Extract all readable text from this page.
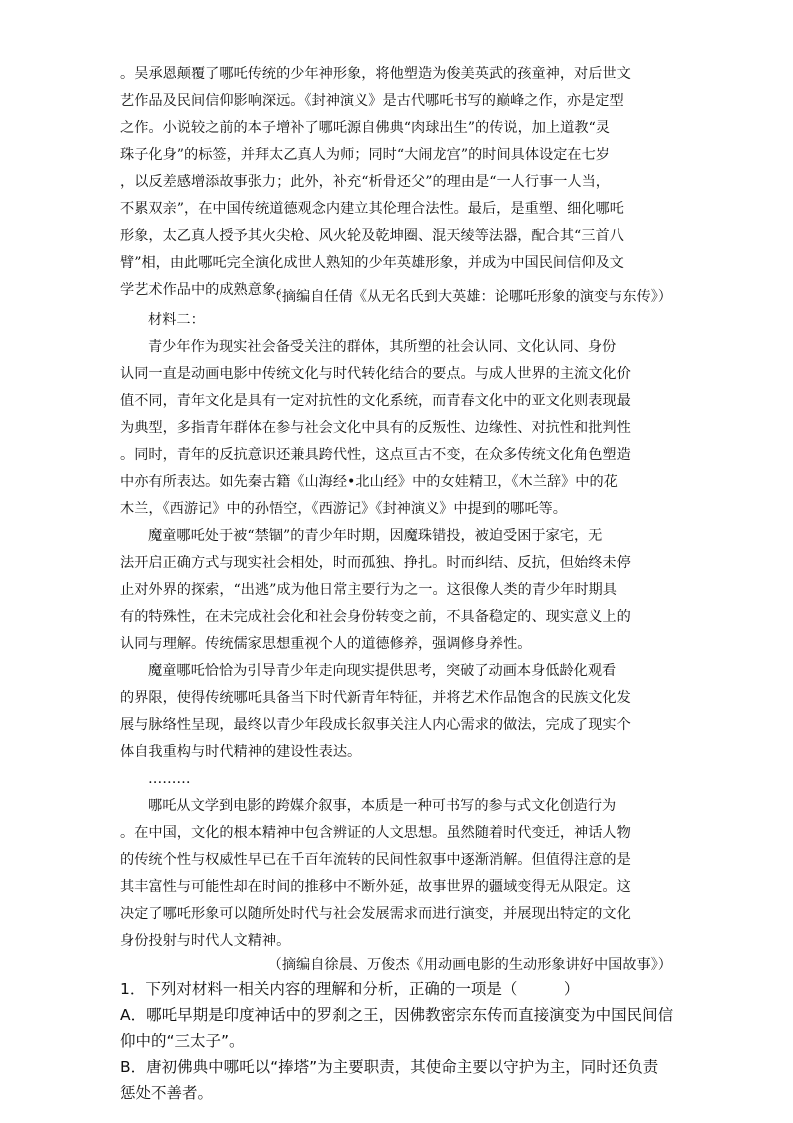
。吴承恩颠覆了哪吒传统的少年神形象，将他塑造为俊美英武的孩童神，对后世文
艺作品及民间信仰影响深远。《封神演义》是古代哪吒书写的巅峰之作，亦是定型
之作。小说较之前的本子增补了哪吒源自佛典“肉球出生”的传说，加上道教“灵
珠子化身”的标签，并拜太乙真人为师；同时“大闹龙宫”的时间具体设定在七岁
，以反差感增添故事张力；此外，补充“析骨还父”的理由是“一人行事一人当，
不累双亲”，在中国传统道德观念内建立其伦理合法性。最后，是重塑、细化哪吒
形象，太乙真人授予其火尖枪、风火轮及乾坤圈、混天绫等法器，配合其“三首八
臂”相，由此哪吒完全演化成世人熟知的少年英雄形象，并成为中国民间信仰及文
学艺术作品中的成熟意象。
（摘编自任倩《从无名氏到大英雄：论哪吒形象的演变与东传》）
材料二：
青少年作为现实社会备受关注的群体，其所塑的社会认同、文化认同、身份
认同一直是动画电影中传统文化与时代转化结合的要点。与成人世界的主流文化价
值不同，青年文化是具有一定对抗性的文化系统，而青春文化中的亚文化则表现最
为典型，多指青年群体在参与社会文化中具有的反叛性、边缘性、对抗性和批判性
。同时，青年的反抗意识还兼具跨代性，这点亘古不变，在众多传统文化角色塑造
中亦有所表达。如先秦古籍《山海经•北山经》中的女娃精卫，《木兰辞》中的花
木兰，《西游记》中的孙悟空，《西游记》《封神演义》中提到的哪吒等。
魔童哪吒处于被“禁锢”的青少年时期，因魔珠错投，被迫受困于家宅，无
法开启正确方式与现实社会相处，时而孤独、挣扎。时而纠结、反抗，但始终未停
止对外界的探索，“出逃”成为他日常主要行为之一。这很像人类的青少年时期具
有的特殊性，在未完成社会化和社会身份转变之前，不具备稳定的、现实意义上的
认同与理解。传统儒家思想重视个人的道德修养，强调修身养性。
魔童哪吒恰恰为引导青少年走向现实提供思考，突破了动画本身低龄化观看
的界限，使得传统哪吒具备当下时代新青年特征，并将艺术作品饱含的民族文化发
展与脉络性呈现，最终以青少年段成长叙事关注人内心需求的做法，完成了现实个
体自我重构与时代精神的建设性表达。
………
哪吒从文学到电影的跨媒介叙事，本质是一种可书写的参与式文化创造行为
。在中国，文化的根本精神中包含辨证的人文思想。虽然随着时代变迁，神话人物
的传统个性与权威性早已在千百年流转的民间性叙事中逐渐消解。但值得注意的是
其丰富性与可能性却在时间的推移中不断外延，故事世界的疆域变得无从限定。这
决定了哪吒形象可以随所处时代与社会发展需求而进行演变，并展现出特定的文化
身份投射与时代人文精神。
（摘编自徐晨、万俊杰《用动画电影的生动形象讲好中国故事》）
1．下列对材料一相关内容的理解和分析，正确的一项是（　　　）
A．哪吒早期是印度神话中的罗刹之王，因佛教密宗东传而直接演变为中国民间信
仰中的“三太子”。
B．唐初佛典中哪吒以“捧塔”为主要职责，其使命主要以守护为主，同时还负责
惩处不善者。
